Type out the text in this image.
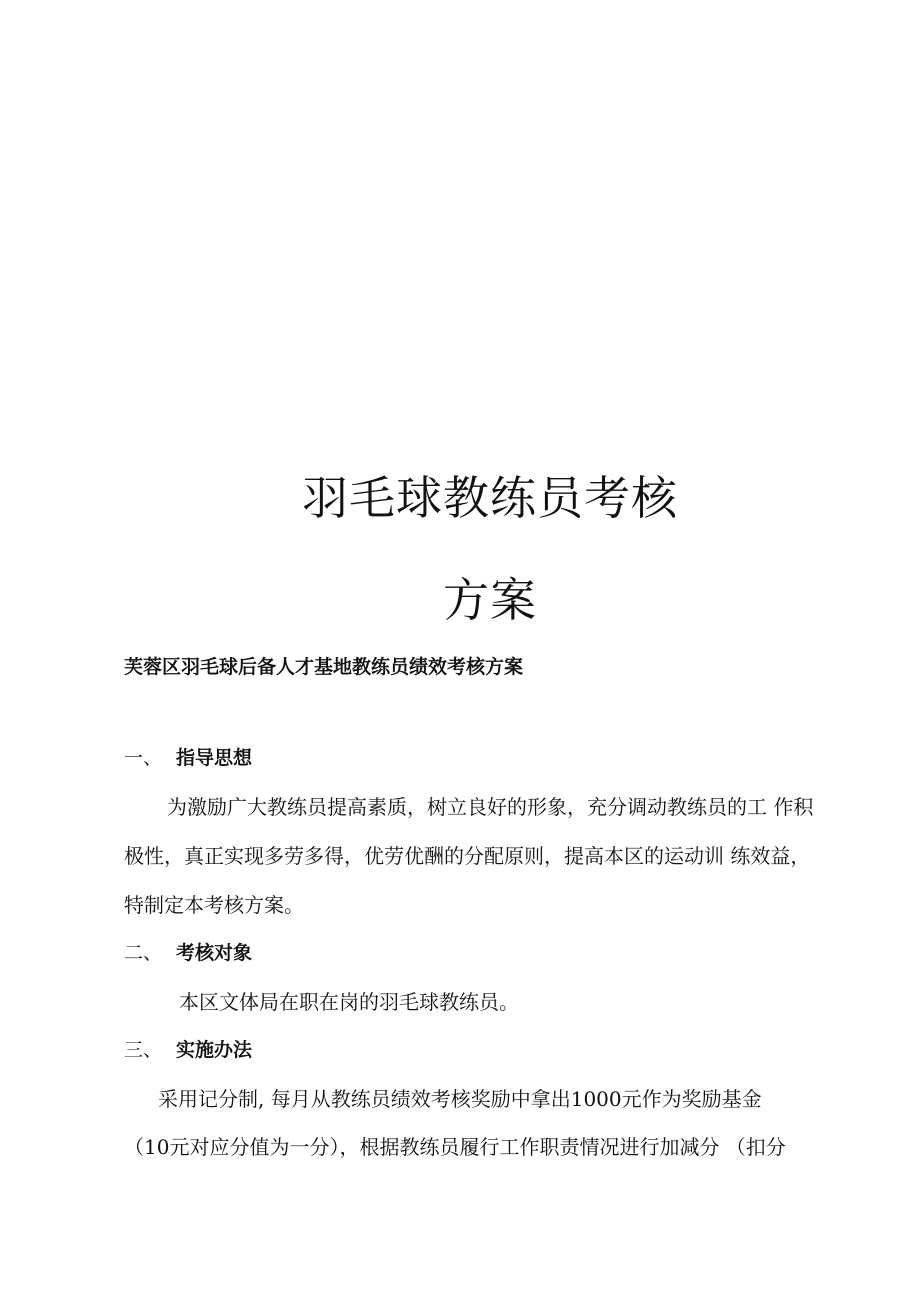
羽毛球教练员考核
方案
芙蓉区羽毛球后备人才基地教练员绩效考核方案
一、 指导思想
为激励广大教练员提高素质，树立良好的形象，充分调动教练员的工 作积
极性，真正实现多劳多得，优劳优酬的分配原则，提高本区的运动训 练效益，
特制定本考核方案。
二、 考核对象
本区文体局在职在岗的羽毛球教练员。
三、 实施办法
采用记分制, 每月从教练员绩效考核奖励中拿出1000元作为奖励基金
（10元对应分值为一分），根据教练员履行工作职责情况进行加减分 （扣分
